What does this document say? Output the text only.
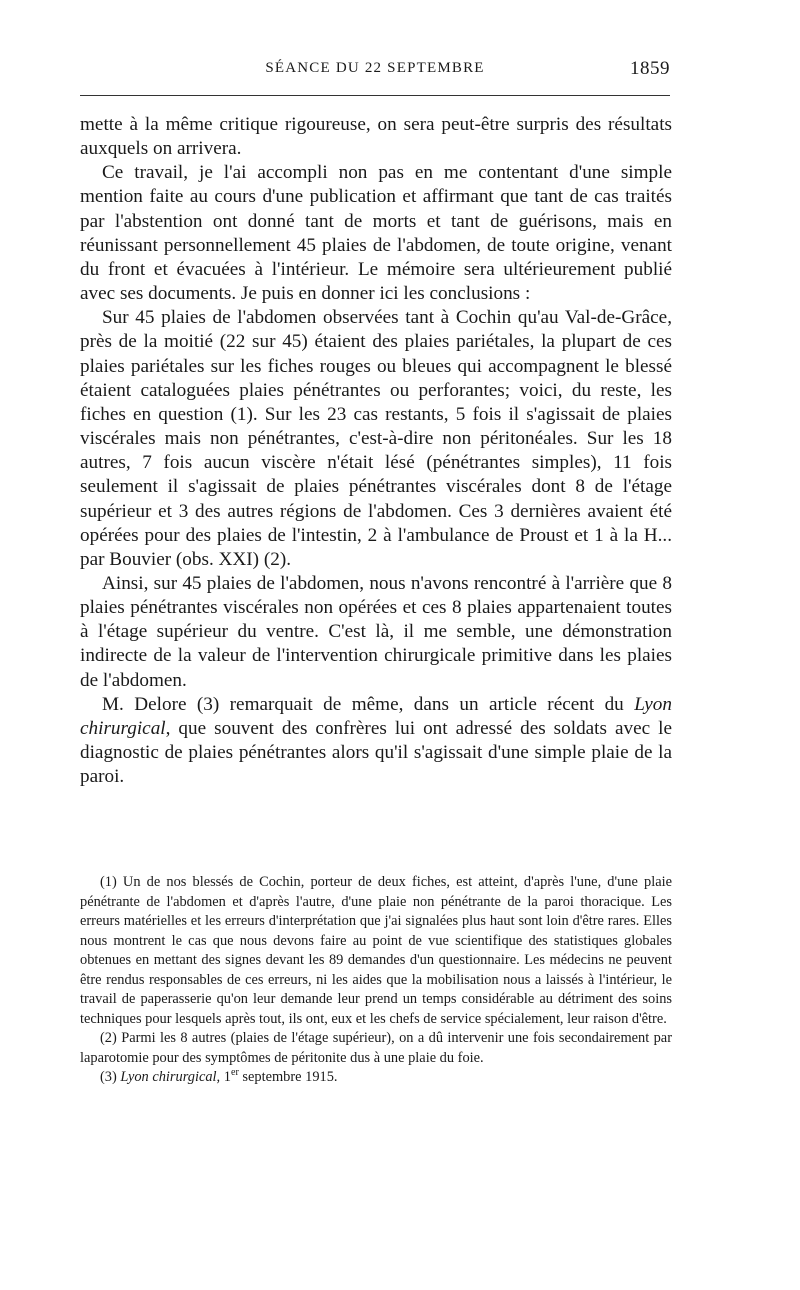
SÉANCE DU 22 SEPTEMBRE	1859

mette à la même critique rigoureuse, on sera peut-être surpris des résultats auxquels on arrivera.

Ce travail, je l'ai accompli non pas en me contentant d'une simple mention faite au cours d'une publication et affirmant que tant de cas traités par l'abstention ont donné tant de morts et tant de guérisons, mais en réunissant personnellement 45 plaies de l'abdomen, de toute origine, venant du front et évacuées à l'intérieur. Le mémoire sera ultérieurement publié avec ses documents. Je puis en donner ici les conclusions :

Sur 45 plaies de l'abdomen observées tant à Cochin qu'au Val-de-Grâce, près de la moitié (22 sur 45) étaient des plaies pariétales, la plupart de ces plaies pariétales sur les fiches rouges ou bleues qui accompagnent le blessé étaient cataloguées plaies pénétrantes ou perforantes; voici, du reste, les fiches en question (1). Sur les 23 cas restants, 5 fois il s'agissait de plaies viscérales mais non pénétrantes, c'est-à-dire non péritonéales. Sur les 18 autres, 7 fois aucun viscère n'était lésé (pénétrantes simples), 11 fois seulement il s'agissait de plaies pénétrantes viscérales dont 8 de l'étage supérieur et 3 des autres régions de l'abdomen. Ces 3 dernières avaient été opérées pour des plaies de l'intestin, 2 à l'ambulance de Proust et 1 à la H... par Bouvier (obs. XXI) (2).

Ainsi, sur 45 plaies de l'abdomen, nous n'avons rencontré à l'arrière que 8 plaies pénétrantes viscérales non opérées et ces 8 plaies appartenaient toutes à l'étage supérieur du ventre. C'est là, il me semble, une démonstration indirecte de la valeur de l'intervention chirurgicale primitive dans les plaies de l'abdomen.

M. Delore (3) remarquait de même, dans un article récent du Lyon chirurgical, que souvent des confrères lui ont adressé des soldats avec le diagnostic de plaies pénétrantes alors qu'il s'agissait d'une simple plaie de la paroi.

(1) Un de nos blessés de Cochin, porteur de deux fiches, est atteint, d'après l'une, d'une plaie pénétrante de l'abdomen et d'après l'autre, d'une plaie non pénétrante de la paroi thoracique. Les erreurs matérielles et les erreurs d'interprétation que j'ai signalées plus haut sont loin d'être rares. Elles nous montrent le cas que nous devons faire au point de vue scientifique des statistiques globales obtenues en mettant des signes devant les 89 demandes d'un questionnaire. Les médecins ne peuvent être rendus responsables de ces erreurs, ni les aides que la mobilisation nous a laissés à l'intérieur, le travail de paperasserie qu'on leur demande leur prend un temps considérable au détriment des soins techniques pour lesquels après tout, ils ont, eux et les chefs de service spécialement, leur raison d'être.

(2) Parmi les 8 autres (plaies de l'étage supérieur), on a dû intervenir une fois secondairement par laparotomie pour des symptômes de péritonite dus à une plaie du foie.

(3) Lyon chirurgical, 1er septembre 1915.
